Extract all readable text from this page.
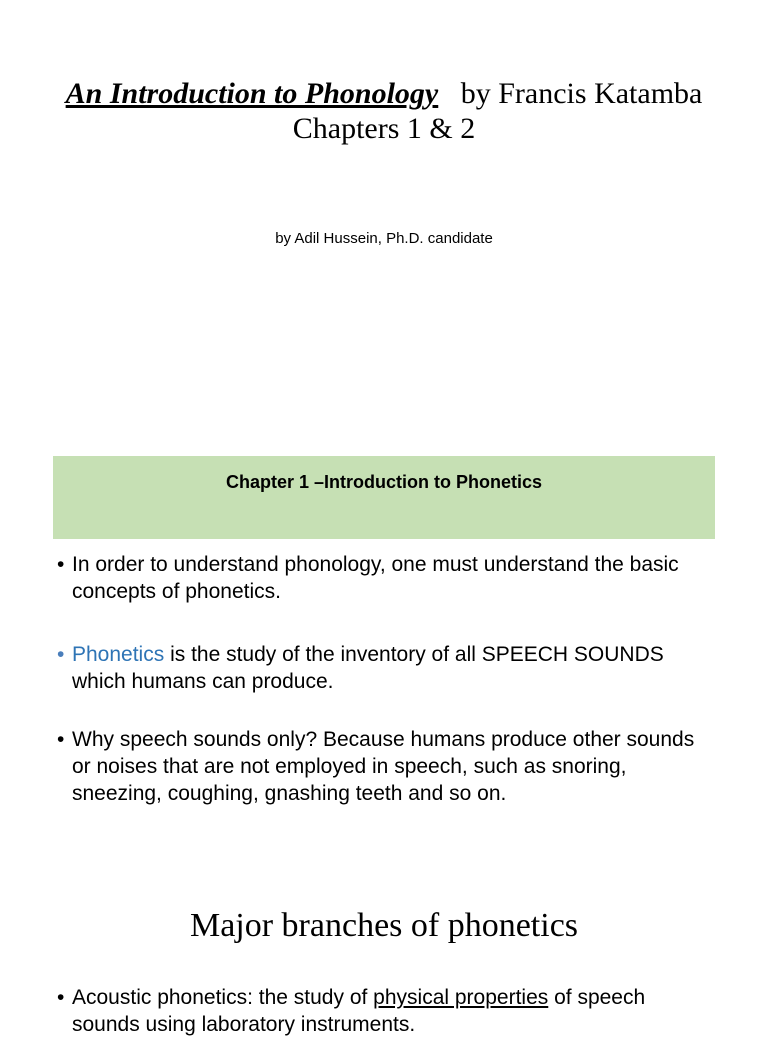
An Introduction to Phonology by Francis Katamba
Chapters 1 & 2
by Adil Hussein, Ph.D. candidate
Chapter 1 –Introduction to Phonetics

• In order to understand phonology, one must understand the basic concepts of phonetics.

• Phonetics is the study of the inventory of all SPEECH SOUNDS which humans can produce.

• Why speech sounds only? Because humans produce other sounds or noises that are not employed in speech, such as snoring, sneezing, coughing, gnashing teeth and so on.

Major branches of phonetics

• Acoustic phonetics: the study of physical properties of speech sounds using laboratory instruments.
